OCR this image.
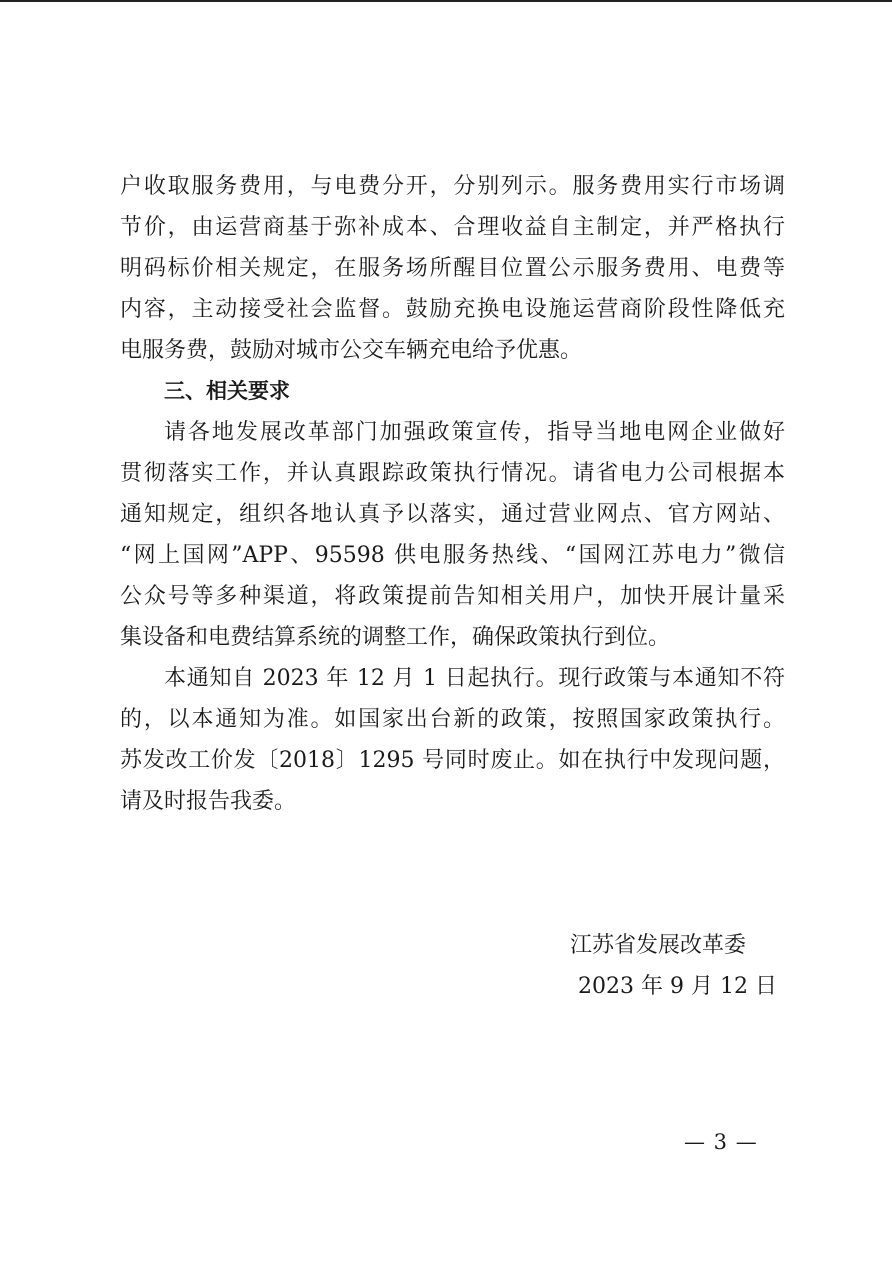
户收取服务费用，与电费分开，分别列示。服务费用实行市场调
节价，由运营商基于弥补成本、合理收益自主制定，并严格执行
明码标价相关规定，在服务场所醒目位置公示服务费用、电费等
内容，主动接受社会监督。鼓励充换电设施运营商阶段性降低充
电服务费，鼓励对城市公交车辆充电给予优惠。
三、相关要求
请各地发展改革部门加强政策宣传，指导当地电网企业做好
贯彻落实工作，并认真跟踪政策执行情况。请省电力公司根据本
通知规定，组织各地认真予以落实，通过营业网点、官方网站、
“网上国网”APP、95598 供电服务热线、“国网江苏电力”微信
公众号等多种渠道，将政策提前告知相关用户，加快开展计量采
集设备和电费结算系统的调整工作，确保政策执行到位。
本通知自 2023 年 12 月 1 日起执行。现行政策与本通知不符
的，以本通知为准。如国家出台新的政策，按照国家政策执行。
苏发改工价发〔2018〕1295 号同时废止。如在执行中发现问题，
请及时报告我委。
江苏省发展改革委
2023 年 9 月 12 日
— 3 —
